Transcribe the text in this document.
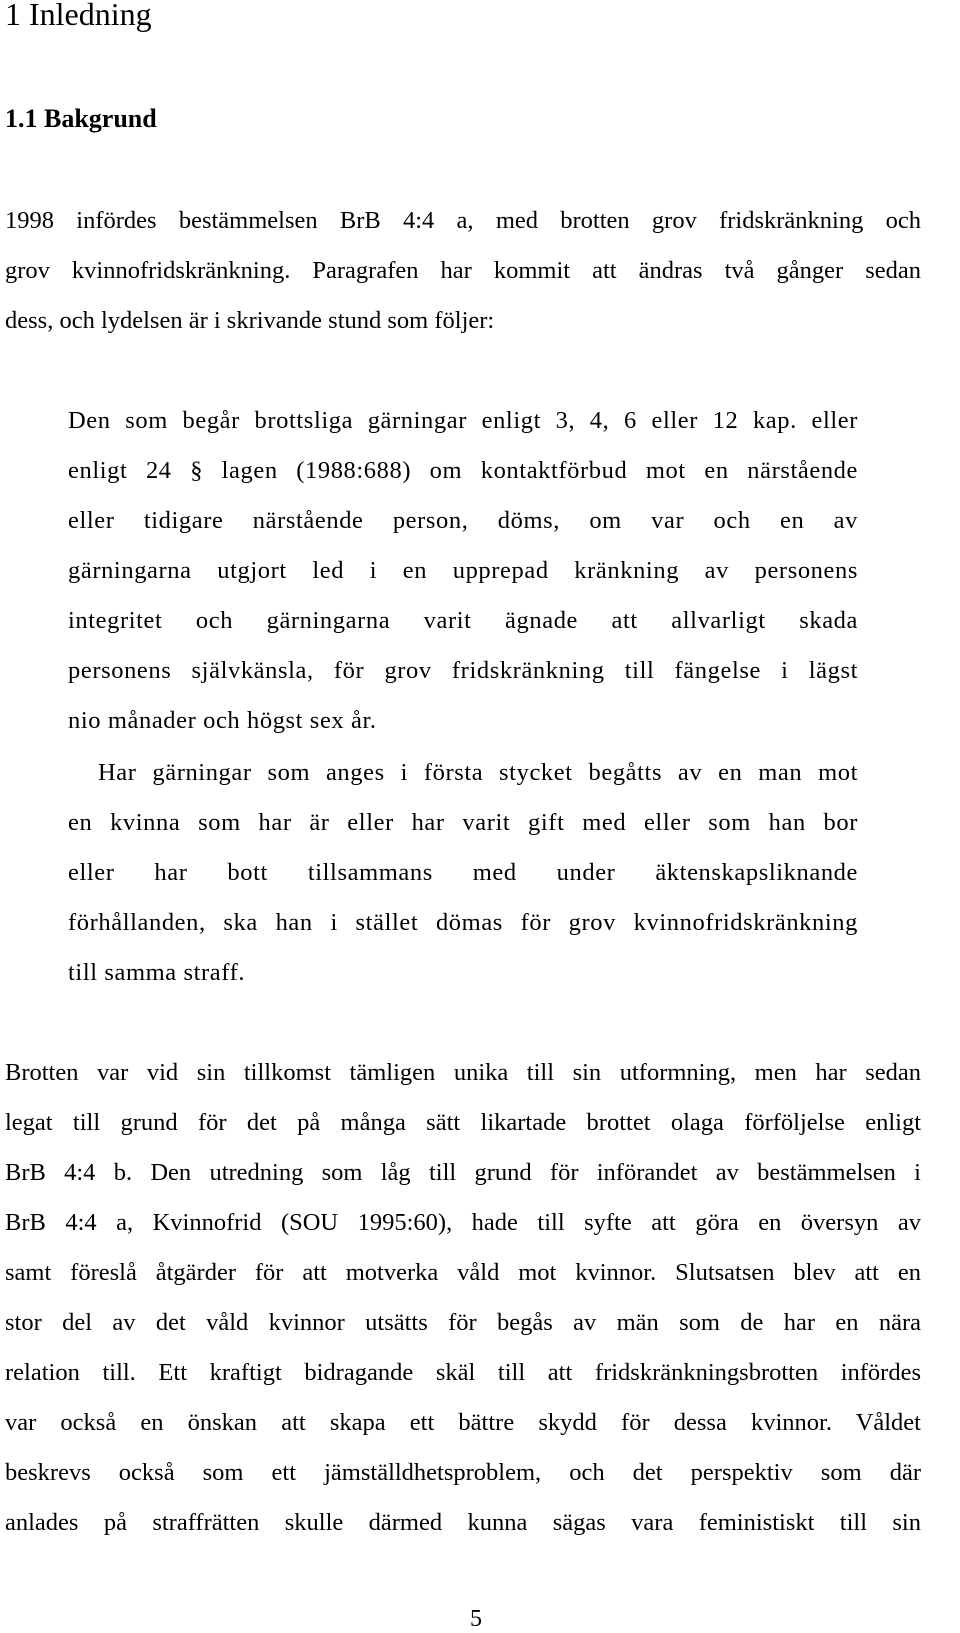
1 Inledning
1.1 Bakgrund
1998 infördes bestämmelsen BrB 4:4 a, med brotten grov fridskränkning och
grov kvinnofridskränkning. Paragrafen har kommit att ändras två gånger sedan
dess, och lydelsen är i skrivande stund som följer:
Den som begår brottsliga gärningar enligt 3, 4, 6 eller 12 kap. eller
enligt 24 § lagen (1988:688) om kontaktförbud mot en närstående
eller tidigare närstående person, döms, om var och en av
gärningarna utgjort led i en upprepad kränkning av personens
integritet och gärningarna varit ägnade att allvarligt skada
personens självkänsla, för grov fridskränkning till fängelse i lägst
nio månader och högst sex år.
Har gärningar som anges i första stycket begåtts av en man mot
en kvinna som har är eller har varit gift med eller som han bor
eller har bott tillsammans med under äktenskapsliknande
förhållanden, ska han i stället dömas för grov kvinnofridskränkning
till samma straff.
Brotten var vid sin tillkomst tämligen unika till sin utformning, men har sedan
legat till grund för det på många sätt likartade brottet olaga förföljelse enligt
BrB 4:4 b. Den utredning som låg till grund för införandet av bestämmelsen i
BrB 4:4 a, Kvinnofrid (SOU 1995:60), hade till syfte att göra en översyn av
samt föreslå åtgärder för att motverka våld mot kvinnor. Slutsatsen blev att en
stor del av det våld kvinnor utsätts för begås av män som de har en nära
relation till. Ett kraftigt bidragande skäl till att fridskränkningsbrotten infördes
var också en önskan att skapa ett bättre skydd för dessa kvinnor. Våldet
beskrevs också som ett jämställdhetsproblem, och det perspektiv som där
anlades på straffrätten skulle därmed kunna sägas vara feministiskt till sin
5
